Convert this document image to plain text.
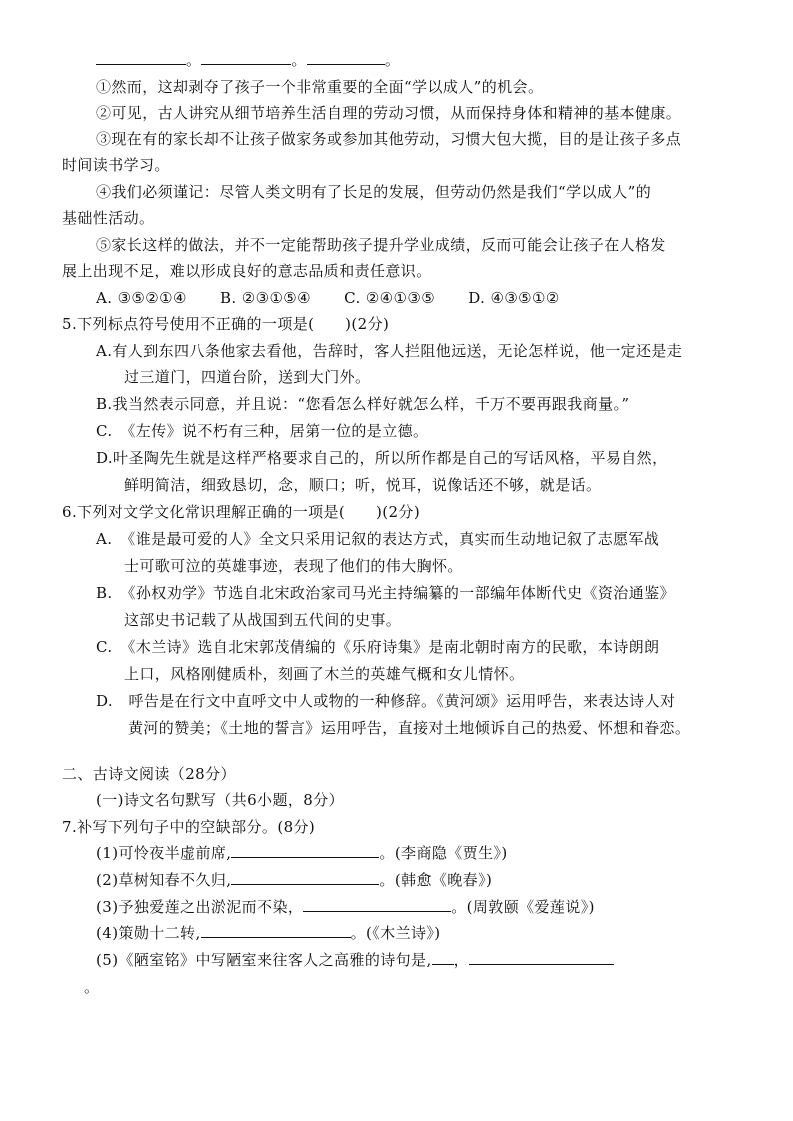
。	。	。
①然而，这却剥夺了孩子一个非常重要的全面“学以成人”的机会。
②可见，古人讲究从细节培养生活自理的劳动习惯，从而保持身体和精神的基本健康。
③现在有的家长却不让孩子做家务或参加其他劳动，习惯大包大揽，目的是让孩子多点
时间读书学习。
④我们必须谨记：尽管人类文明有了长足的发展，但劳动仍然是我们“学以成人”的
基础性活动。
⑤家长这样的做法，并不一定能帮助孩子提升学业成绩，反而可能会让孩子在人格发
展上出现不足，难以形成良好的意志品质和责任意识。
A. ③⑤②①④ B. ②③①⑤④ C. ②④①③⑤ D. ④③⑤①②
5.下列标点符号使用不正确的一项是(　　)(2分)
A.有人到东四八条他家去看他，告辞时，客人拦阻他远送，无论怎样说，他一定还是走
过三道门，四道台阶，送到大门外。
B.我当然表示同意，并且说：“您看怎么样好就怎么样，千万不要再跟我商量。”
C.　《左传》说不朽有三种，居第一位的是立德。
D.叶圣陶先生就是这样严格要求自己的，所以所作都是自己的写话风格，平易自然，
鲜明简洁，细致恳切，念，顺口；听，悦耳，说像话还不够，就是话。
6.下列对文学文化常识理解正确的一项是(　　)(2分)
A.　《谁是最可爱的人》全文只采用记叙的表达方式，真实而生动地记叙了志愿军战
士可歌可泣的英雄事迹，表现了他们的伟大胸怀。
B.　《孙权劝学》节选自北宋政治家司马光主持编纂的一部编年体断代史《资治通鉴》
这部史书记载了从战国到五代间的史事。
C.　《木兰诗》选自北宋郭茂倩编的《乐府诗集》是南北朝时南方的民歌，本诗朗朗
上口，风格刚健质朴，刻画了木兰的英雄气概和女儿情怀。
D.　呼告是在行文中直呼文中人或物的一种修辞。《黄河颂》运用呼告，来表达诗人对
黄河的赞美；《土地的誓言》运用呼告，直接对土地倾诉自己的热爱、怀想和眷恋。
二、古诗文阅读（28分）
(一)诗文名句默写（共6小题，8分）
7.补写下列句子中的空缺部分。(8分)
(1)可怜夜半虚前席,	。(李商隐《贾生》)
(2)草树知春不久归,	。(韩愈《晚春》)
(3)予独爱莲之出淤泥而不染，	。(周敦颐《爱莲说》)
(4)策勋十二转,	。(《木兰诗》)
(5)《陋室铭》中写陋室来往客人之高雅的诗句是, ，
。
